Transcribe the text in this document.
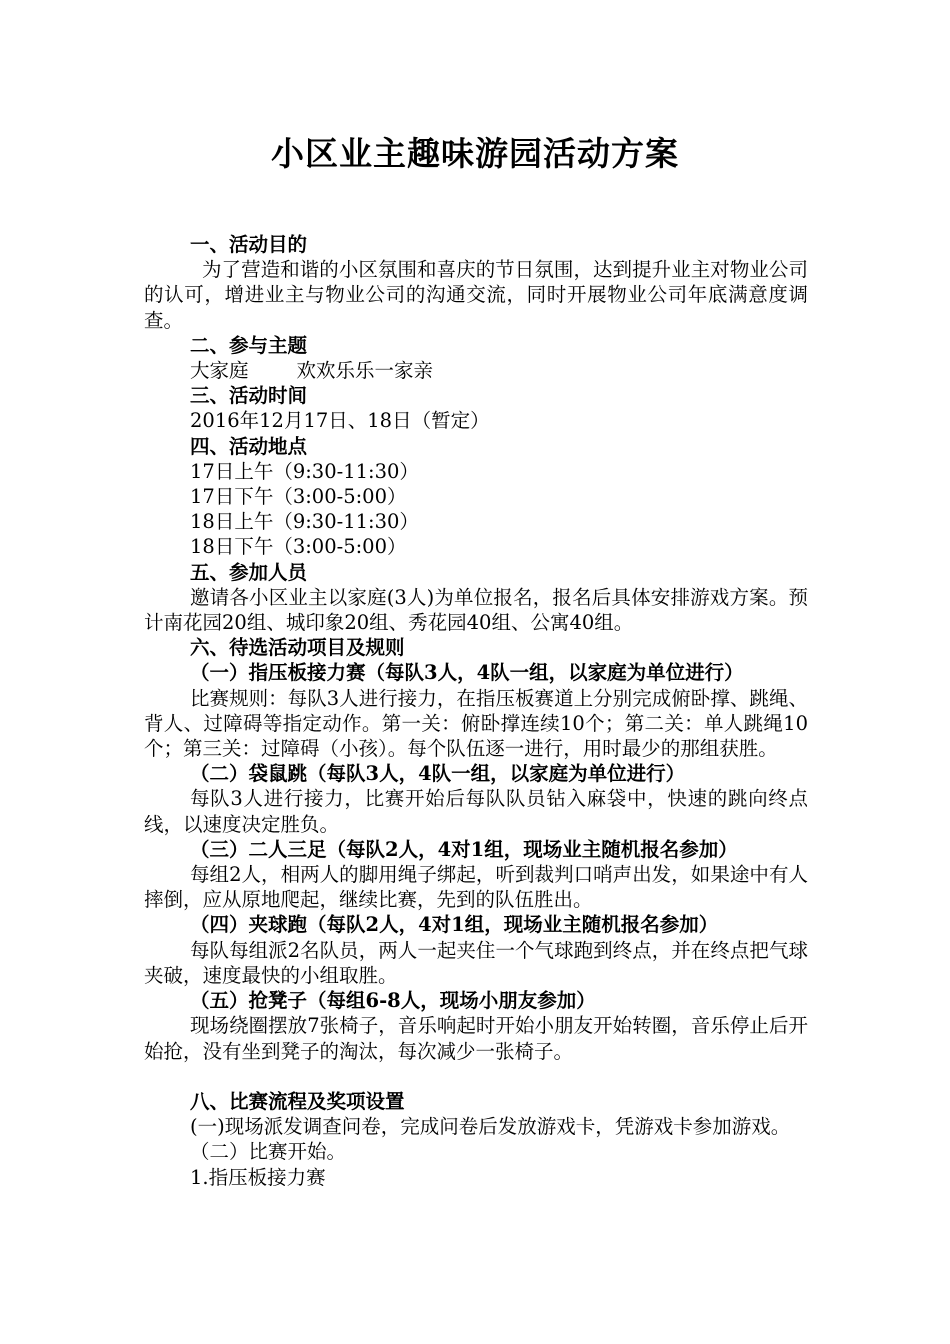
小区业主趣味游园活动方案

一、活动目的

为了营造和谐的小区氛围和喜庆的节日氛围，达到提升业主对物业公司的认可，增进业主与物业公司的沟通交流，同时开展物业公司年底满意度调查。

二、参与主题

大家庭 欢欢乐乐一家亲

三、活动时间

2016年12月17日、18日（暂定）

四、活动地点

17日上午（9:30-11:30）

17日下午（3:00-5:00）

18日上午（9:30-11:30）

18日下午（3:00-5:00）

五、参加人员

邀请各小区业主以家庭(3人)为单位报名，报名后具体安排游戏方案。预计南花园20组、城印象20组、秀花园40组、公寓40组。

六、待选活动项目及规则

（一）指压板接力赛（每队3人，4队一组，以家庭为单位进行）

比赛规则：每队3人进行接力，在指压板赛道上分别完成俯卧撑、跳绳、背人、过障碍等指定动作。第一关：俯卧撑连续10个；第二关：单人跳绳10个；第三关：过障碍（小孩）。每个队伍逐一进行，用时最少的那组获胜。

（二）袋鼠跳（每队3人，4队一组，以家庭为单位进行）

每队3人进行接力，比赛开始后每队队员钻入麻袋中，快速的跳向终点线，以速度决定胜负。

（三）二人三足（每队2人，4对1组，现场业主随机报名参加）

每组2人，相两人的脚用绳子绑起，听到裁判口哨声出发，如果途中有人摔倒，应从原地爬起，继续比赛，先到的队伍胜出。

（四）夹球跑（每队2人，4对1组，现场业主随机报名参加）

每队每组派2名队员，两人一起夹住一个气球跑到终点，并在终点把气球夹破，速度最快的小组取胜。

（五）抢凳子（每组6-8人，现场小朋友参加）

现场绕圈摆放7张椅子，音乐响起时开始小朋友开始转圈，音乐停止后开始抢，没有坐到凳子的淘汰，每次减少一张椅子。

八、比赛流程及奖项设置

(一)现场派发调查问卷，完成问卷后发放游戏卡，凭游戏卡参加游戏。

（二）比赛开始。

1.指压板接力赛
